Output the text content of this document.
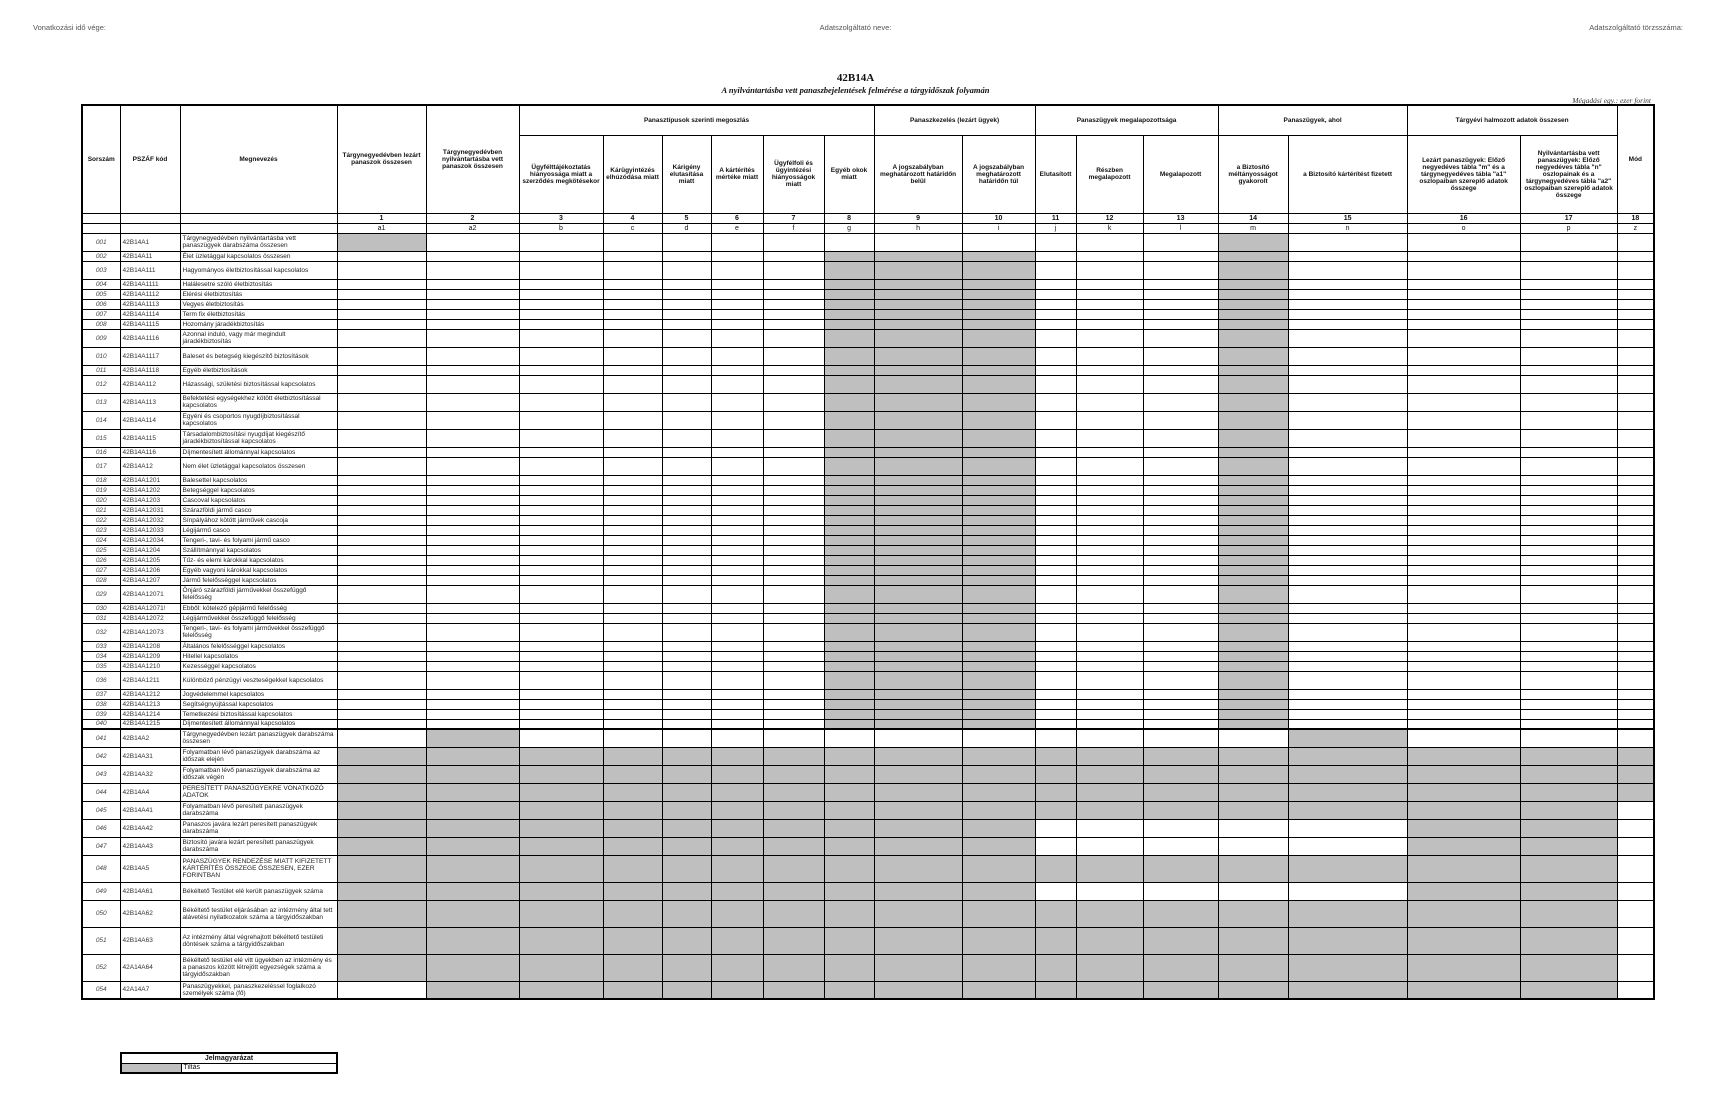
Vonatkozási idő vége:	Adatszolgáltató neve:	Adatszolgáltató törzsszáma:
42B14A
A nyilvántartásba vett panaszbejelentések felmérése a tárgyidőszak folyamán
Mégadási egy.: ezer forint
Sorszám	PSZÁF kód	Megnevezés	Tárgynegyedévben lezárt panaszok összesen	Tárgynegyedévben nyilvántartásba vett panaszok összesen	Panasztípusok szerinti megoszlás						Panaszkezelés (lezárt ügyek)		Panaszügyek megalapozottsága			Panaszügyek, ahol		Tárgyévi halmozott adatok összesen		Mód
					Ügyfélttájékoztatás hiányossága miatt a szerződés megkötésekor	Kárügyintézés elhúzódása miatt	Kárigény elutasítása miatt	A kártérítés mértéke miatt	Ügyfélfoli és ügyintézési hiányosságok miatt	Egyéb okok miatt	A jogszabályban meghatározott határidőn belül	A jogszabályban meghatározott határidőn túl	Elutasított	Részben megalapozott	Megalapozott	a Biztosító méltányosságot gyakorolt	a Biztosító kártérítést fizetett	Lezárt panaszügyek: Előző negyedéves tábla "m" és a tárgynegyedéves tábla "a1" oszlopaiban szereplő adatok összege	Nyilvántartásba vett panaszügyek: Előző negyedéves tábla "n" oszlopainak és a tárgynegyedéves tábla "a2" oszlopaiban szereplő adatok összege	
			1	2	3	4	5	6	7	8	9	10	11	12	13	14	15	16	17	18
			a1	a2	b	c	d	e	f	g	h	i	j	k	l	m	n	o	p	z
001	42B14A1	Tárgynegyedévben nyilvántartásba vett panaszügyek darabszáma összesen																		
002	42B14A11	Élet üzletággal kapcsolatos összesen																		
003	42B14A111	Hagyományos életbiztosítással kapcsolatos																		
004	42B14A1111	Halálesetre szóló életbiztosítás																		
005	42B14A1112	Elérési életbiztosítás																		
006	42B14A1113	Vegyes életbiztosítás																		
007	42B14A1114	Term fix életbiztosítás																		
008	42B14A1115	Hozomány járadékbiztosítás																		
009	42B14A1116	Azonnal induló, vagy már megindult járadékbiztosítás																		
010	42B14A1117	Baleset és betegség kiegészítő biztosítások																		
011	42B14A1118	Egyéb életbiztosítások																		
012	42B14A112	Házassági, születési biztosítással kapcsolatos																		
013	42B14A113	Befektetési egységekhez kötött életbiztosítással kapcsolatos																		
014	42B14A114	Egyéni és csoportos nyugdíjbiztosítással kapcsolatos																		
015	42B14A115	Társadalombiztosítási nyugdíjat kiegészítő járadékbiztosítással kapcsolatos																		
016	42B14A116	Díjmentesített állománnyal kapcsolatos																		
017	42B14A12	Nem élet üzletággal kapcsolatos összesen																		
018	42B14A1201	Balesettel kapcsolatos																		
019	42B14A1202	Betegséggel kapcsolatos																		
020	42B14A1203	Cascoval kapcsolatos																		
021	42B14A12031	Szárazföldi jármű casco																		
022	42B14A12032	Sínpályához kötött járművek cascoja																		
023	42B14A12033	Légijármű casco																		
024	42B14A12034	Tengeri-, tavi- és folyami jármű casco																		
025	42B14A1204	Szállítmánnyal kapcsolatos																		
026	42B14A1205	Tűz- és elemi károkkal kapcsolatos																		
027	42B14A1206	Egyéb vagyoni károkkal kapcsolatos																		
028	42B14A1207	Jármű felelősséggel kapcsolatos																		
029	42B14A12071	Önjáró szárazföldi járművekkel összefüggő felelősség																		
030	42B14A12071!	Ebből: kötelező gépjármű felelősség																		
031	42B14A12072	Légijárművekkel összefüggő felelősség																		
032	42B14A12073	Tengeri-, tavi- és folyami járművekkel összefüggő felelősség																		
033	42B14A1208	Általános felelősséggel kapcsolatos																		
034	42B14A1209	Hitellel kapcsolatos																		
035	42B14A1210	Kezességgel kapcsolatos																		
036	42B14A1211	Különböző pénzügyi veszteségekkel kapcsolatos																		
037	42B14A1212	Jogvédelemmel kapcsolatos																		
038	42B14A1213	Segítségnyújtással kapcsolatos																		
039	42B14A1214	Temetkezési biztosítással kapcsolatos																		
040	42B14A1215	Díjmentesített állománnyal kapcsolatos																		
041	42B14A2	Tárgynegyedévben lezárt panaszügyek darabszáma összesen																		
042	42B14A31	Folyamatban lévő panaszügyek darabszáma az időszak elején																		
043	42B14A32	Folyamatban lévő panaszügyek darabszáma az időszak végén																		
044	42B14A4	PERESÍTETT PANASZÜGYEKRE VONATKOZÓ ADATOK																		
045	42B14A41	Folyamatban lévő peresített panaszügyek darabszáma																		
046	42B14A42	Panaszos javára lezárt peresített panaszügyek darabszáma																		
047	42B14A43	Biztosító javára lezárt peresített panaszügyek darabszáma																		
048	42B14A5	PANASZÜGYEK RENDEZÉSE MIATT KIFIZETETT KÁRTÉRÍTÉS ÖSSZEGE ÖSSZESEN, EZER FORINTBAN																		
049	42B14A61	Békéltető Testület elé került panaszügyek száma																		
050	42B14A62	Békéltető testület eljárásában az intézmény által tett alávetési nyilatkozatok száma a tárgyidőszakban																		
051	42B14A63	Az intézmény által végrehajtott békéltető testületi döntések száma a tárgyidőszakban																		
052	42A14A64	Békéltető testület elé vitt ügyekben az intézmény és a panaszos között létrejött egyezségek száma a tárgyidőszakban																		
054	42A14A7	Panaszügyekkel, panaszkezeléssel foglalkozó személyek száma (fő)																		
Jelmagyarázat
	Tiltás
